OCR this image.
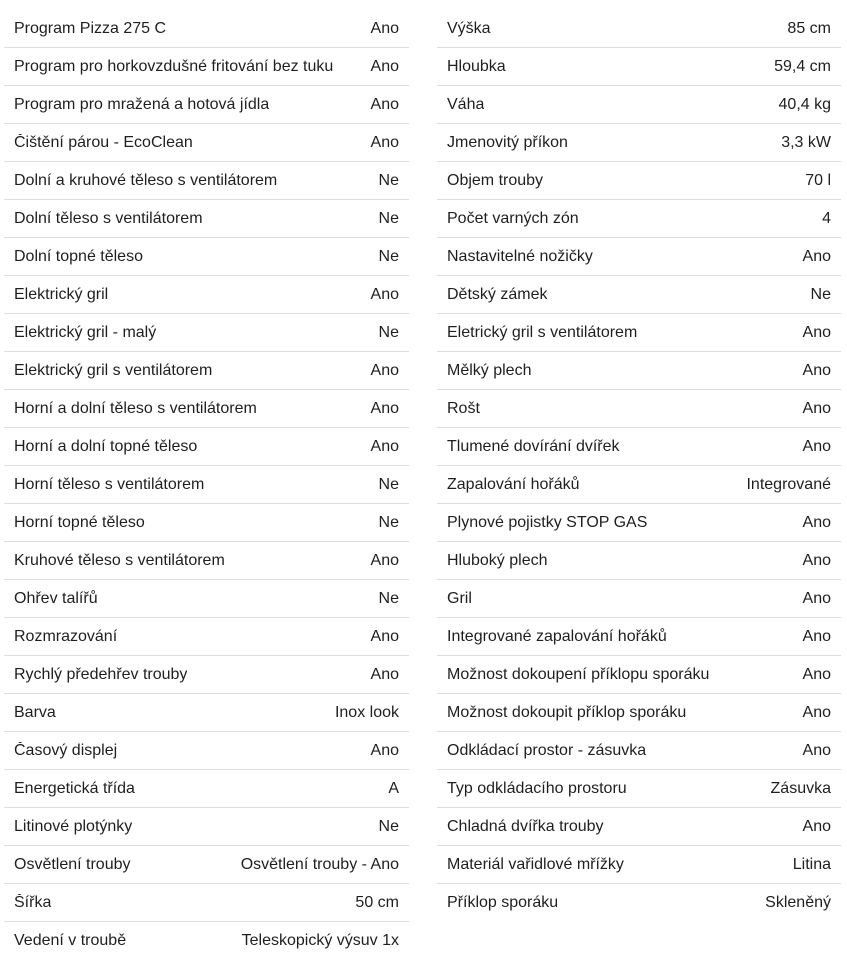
Program Pizza 275 C	Ano
Program pro horkovzdušné fritování bez tuku Ano
Program pro mražená a hotová jídla	Ano
Čištění párou - EcoClean	Ano
Dolní a kruhové těleso s ventilátorem	Ne
Dolní těleso s ventilátorem	Ne
Dolní topné těleso	Ne
Elektrický gril	Ano
Elektrický gril - malý	Ne
Elektrický gril s ventilátorem	Ano
Horní a dolní těleso s ventilátorem	Ano
Horní a dolní topné těleso	Ano
Horní těleso s ventilátorem	Ne
Horní topné těleso	Ne
Kruhové těleso s ventilátorem	Ano
Ohřev talířů	Ne
Rozmrazování	Ano
Rychlý předehřev trouby	Ano
Barva	Inox look
Časový displej	Ano
Energetická třída	A
Litinové plotýnky	Ne
Osvětlení trouby	Osvětlení trouby - Ano
Šířka	50 cm
Vedení v troubě	Teleskopický výsuv 1x
Výška	85 cm
Hloubka	59,4 cm
Váha	40,4 kg
Jmenovitý příkon	3,3 kW
Objem trouby	70 l
Počet varných zón	4
Nastavitelné nožičky	Ano
Dětský zámek	Ne
Eletrický gril s ventilátorem	Ano
Mělký plech	Ano
Rošt	Ano
Tlumené dovírání dvířek	Ano
Zapalování hořáků	Integrované
Plynové pojistky STOP GAS	Ano
Hluboký plech	Ano
Gril	Ano
Integrované zapalování hořáků	Ano
Možnost dokoupení příklopu sporáku	Ano
Možnost dokoupit příklop sporáku	Ano
Odkládací prostor - zásuvka	Ano
Typ odkládacího prostoru	Zásuvka
Chladná dvířka trouby	Ano
Materiál vařidlové mřížky	Litina
Příklop sporáku	Skleněný
